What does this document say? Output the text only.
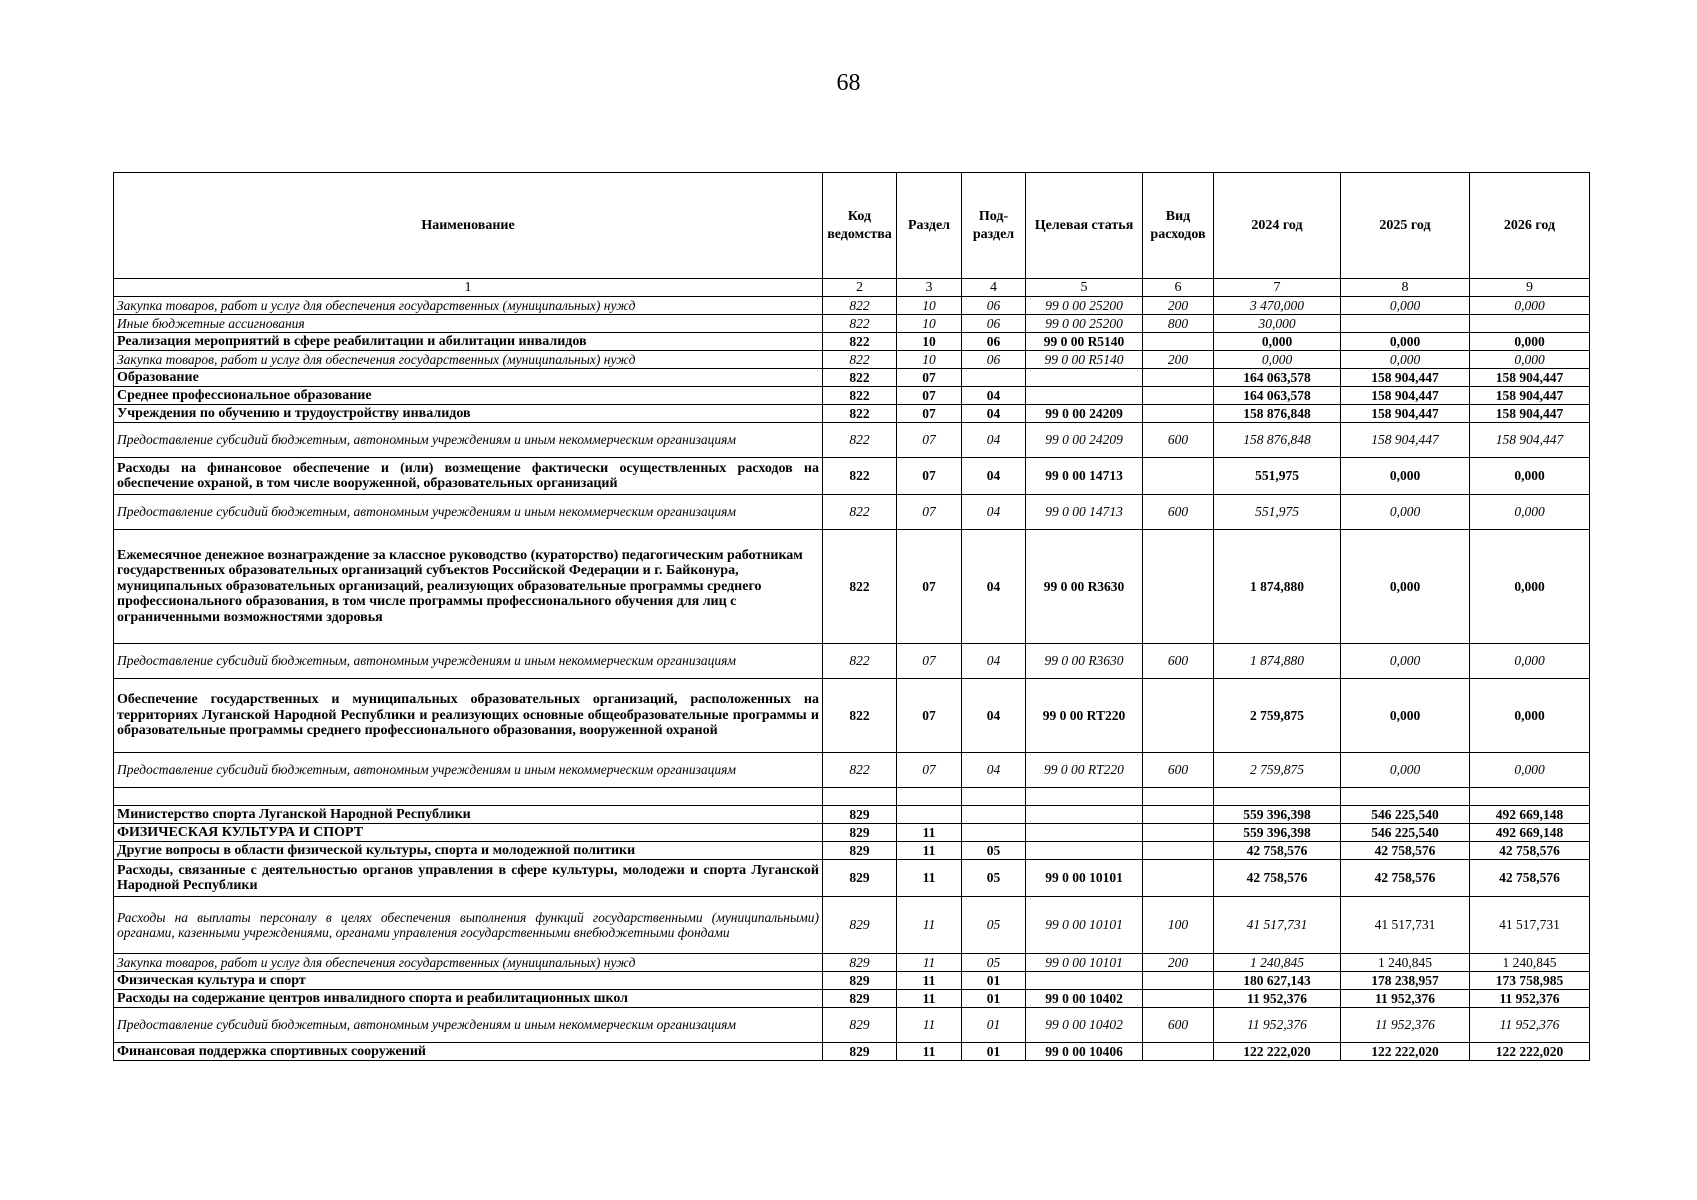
68
Наименование	Код ведомства	Раздел	Под-раздел	Целевая статья	Вид расходов	2024 год	2025 год	2026 год
1	2	3	4	5	6	7	8	9
Закупка товаров, работ и услуг для обеспечения государственных (муниципальных) нужд	822	10	06	99 0 00 25200	200	3 470,000	0,000	0,000
Иные бюджетные ассигнования	822	10	06	99 0 00 25200	800	30,000		
Реализация мероприятий в сфере реабилитации и абилитации инвалидов	822	10	06	99 0 00 R5140		0,000	0,000	0,000
Закупка товаров, работ и услуг для обеспечения государственных (муниципальных) нужд	822	10	06	99 0 00 R5140	200	0,000	0,000	0,000
Образование	822	07				164 063,578	158 904,447	158 904,447
Среднее профессиональное образование	822	07	04			164 063,578	158 904,447	158 904,447
Учреждения по обучению и трудоустройству инвалидов	822	07	04	99 0 00 24209		158 876,848	158 904,447	158 904,447
Предоставление субсидий бюджетным, автономным учреждениям и иным некоммерческим организациям	822	07	04	99 0 00 24209	600	158 876,848	158 904,447	158 904,447
Расходы на финансовое обеспечение и (или) возмещение фактически осуществленных расходов на обеспечение охраной, в том числе вооруженной, образовательных организаций	822	07	04	99 0 00 14713		551,975	0,000	0,000
Предоставление субсидий бюджетным, автономным учреждениям и иным некоммерческим организациям	822	07	04	99 0 00 14713	600	551,975	0,000	0,000
Ежемесячное денежное вознаграждение за классное руководство (кураторство) педагогическим работникам государственных образовательных организаций субъектов Российской Федерации и г. Байконура, муниципальных образовательных организаций, реализующих образовательные программы среднего профессионального образования, в том числе программы профессионального обучения для лиц с ограниченными возможностями здоровья	822	07	04	99 0 00 R3630		1 874,880	0,000	0,000
Предоставление субсидий бюджетным, автономным учреждениям и иным некоммерческим организациям	822	07	04	99 0 00 R3630	600	1 874,880	0,000	0,000
Обеспечение государственных и муниципальных образовательных организаций, расположенных на территориях Луганской Народной Республики и реализующих основные общеобразовательные программы и образовательные программы среднего профессионального образования, вооруженной охраной	822	07	04	99 0 00 RT220		2 759,875	0,000	0,000
Предоставление субсидий бюджетным, автономным учреждениям и иным некоммерческим организациям	822	07	04	99 0 00 RT220	600	2 759,875	0,000	0,000

Министерство спорта Луганской Народной Республики	829					559 396,398	546 225,540	492 669,148
ФИЗИЧЕСКАЯ КУЛЬТУРА И СПОРТ	829	11				559 396,398	546 225,540	492 669,148
Другие вопросы в области физической культуры, спорта и молодежной политики	829	11	05			42 758,576	42 758,576	42 758,576
Расходы, связанные с деятельностью органов управления в сфере культуры, молодежи и спорта Луганской Народной Республики	829	11	05	99 0 00 10101		42 758,576	42 758,576	42 758,576
Расходы на выплаты персоналу в целях обеспечения выполнения функций государственными (муниципальными) органами, казенными учреждениями, органами управления государственными внебюджетными фондами	829	11	05	99 0 00 10101	100	41 517,731	41 517,731	41 517,731
Закупка товаров, работ и услуг для обеспечения государственных (муниципальных) нужд	829	11	05	99 0 00 10101	200	1 240,845	1 240,845	1 240,845
Физическая культура и спорт	829	11	01			180 627,143	178 238,957	173 758,985
Расходы на содержание центров инвалидного спорта и реабилитационных школ	829	11	01	99 0 00 10402		11 952,376	11 952,376	11 952,376
Предоставление субсидий бюджетным, автономным учреждениям и иным некоммерческим организациям	829	11	01	99 0 00 10402	600	11 952,376	11 952,376	11 952,376
Финансовая поддержка спортивных сооружений	829	11	01	99 0 00 10406		122 222,020	122 222,020	122 222,020
